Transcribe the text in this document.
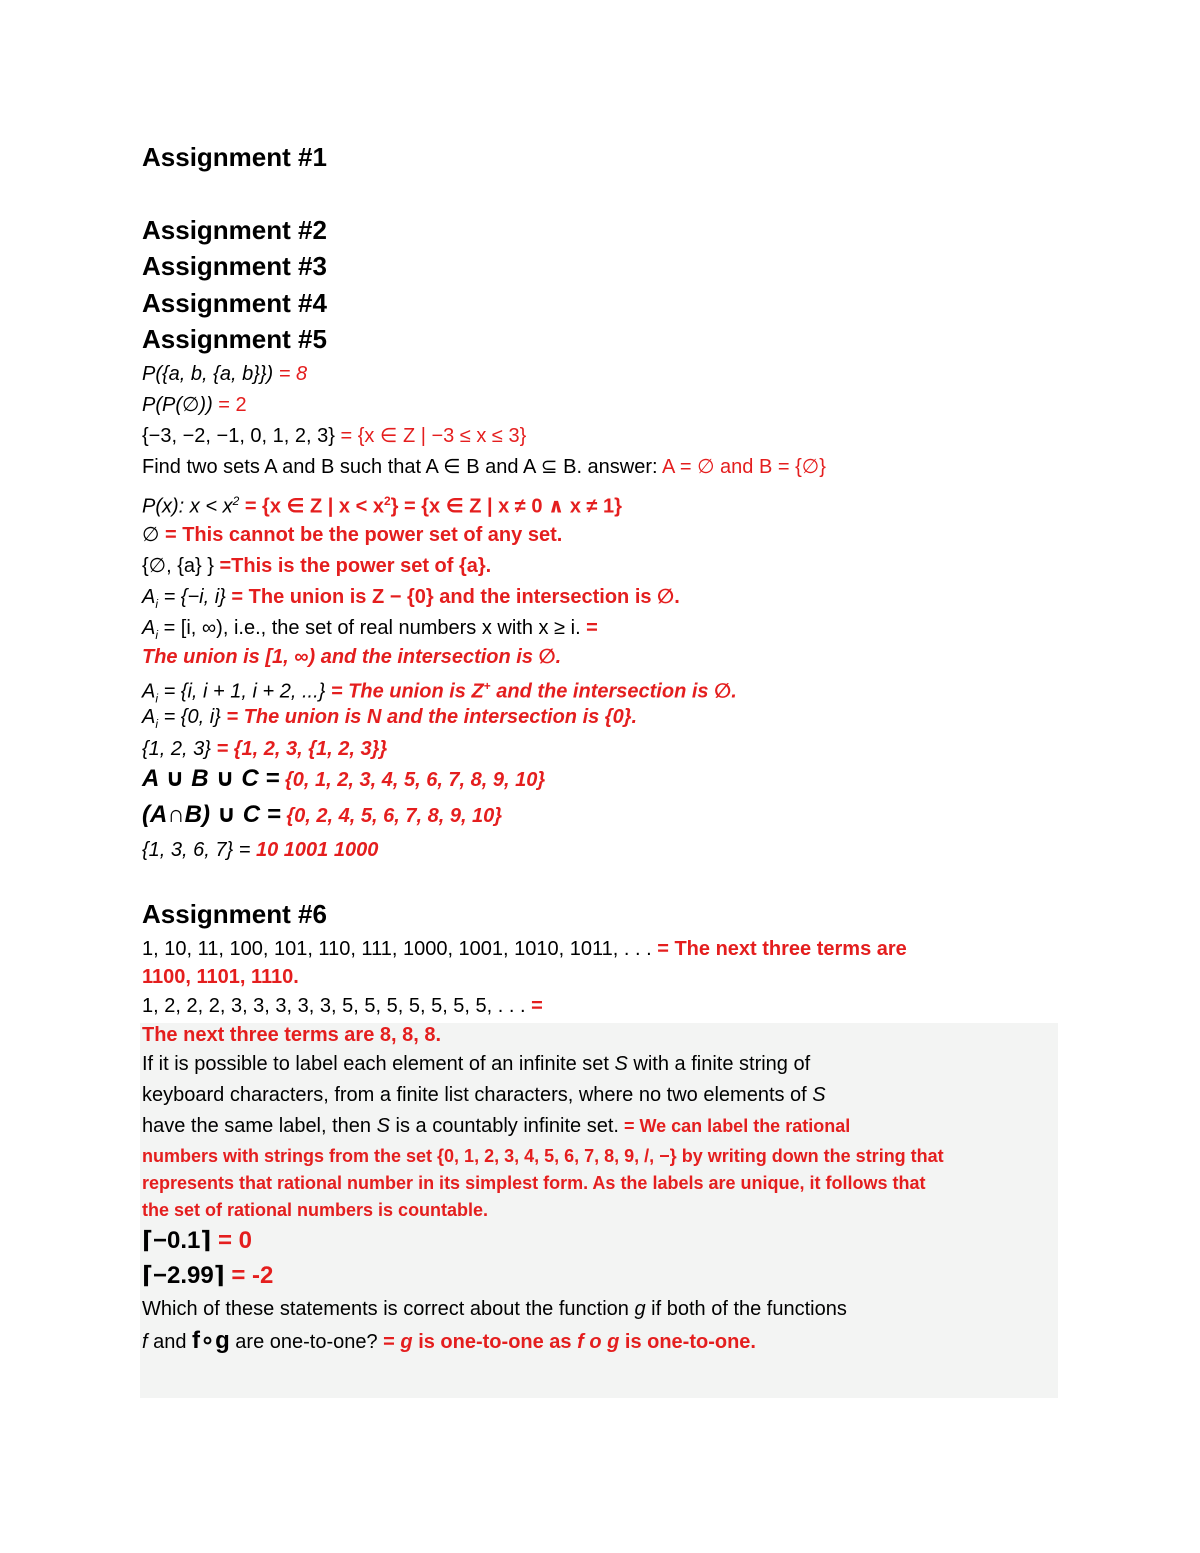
Assignment #1
Assignment #2
Assignment #3
Assignment #4
Assignment #5
P({a, b, {a, b}}) = 8
P(P(∅)) = 2
{−3, −2, −1, 0, 1, 2, 3} = {x ∈ Z | −3 ≤ x ≤ 3}
Find two sets A and B such that A ∈ B and A ⊆ B. answer: A = ∅ and B = {∅}
P(x): $x < x^2 = \{x$ ∈ Z | $x < x^2\} = \{x$ ∈ Z | x ≠ 0 ∧ x ≠ 1}
∅ = This cannot be the power set of any set.
{∅, {a} } =This is the power set of {a}.
$A_i = \{-i$, i} = The union is Z − {0} and the intersection is ∅.
$A_i = [i$, ∞), i.e., the set of real numbers x with x ≥ i. =
The union is [1, ∞) and the intersection is ∅.
$A_i = \{i$, i + 1, i + 2, ...} = The union is Z+ and the intersection is ∅.
$A_i = \{0$, i} = The union is N and the intersection is {0}.
{1, 2, 3} = {1, 2, 3, {1, 2, 3}}
A ∪ B ∪ C = {0, 1, 2, 3, 4, 5, 6, 7, 8, 9, 10}
(A∩B) ∪ C = {0, 2, 4, 5, 6, 7, 8, 9, 10}
{1, 3, 6, 7} = 10 1001 1000
Assignment #6
1, 10, 11, 100, 101, 110, 111, 1000, 1001, 1010, 1011, . . . = The next three terms are
1100, 1101, 1110.
1, 2, 2, 2, 3, 3, 3, 3, 3, 5, 5, 5, 5, 5, 5, 5, . . . =
The next three terms are 8, 8, 8.
If it is possible to label each element of an infinite set S with a finite string of
keyboard characters, from a finite list characters, where no two elements of S
have the same label, then S is a countably infinite set. = We can label the rational
numbers with strings from the set {0, 1, 2, 3, 4, 5, 6, 7, 8, 9, /, −} by writing down the string that
represents that rational number in its simplest form. As the labels are unique, it follows that
the set of rational numbers is countable.
⌈−0.1⌉ = 0
⌈−2.99⌉ = -2
Which of these statements is correct about the function g if both of the functions
f and f∘g are one-to-one? = g is one-to-one as f o g is one-to-one.
